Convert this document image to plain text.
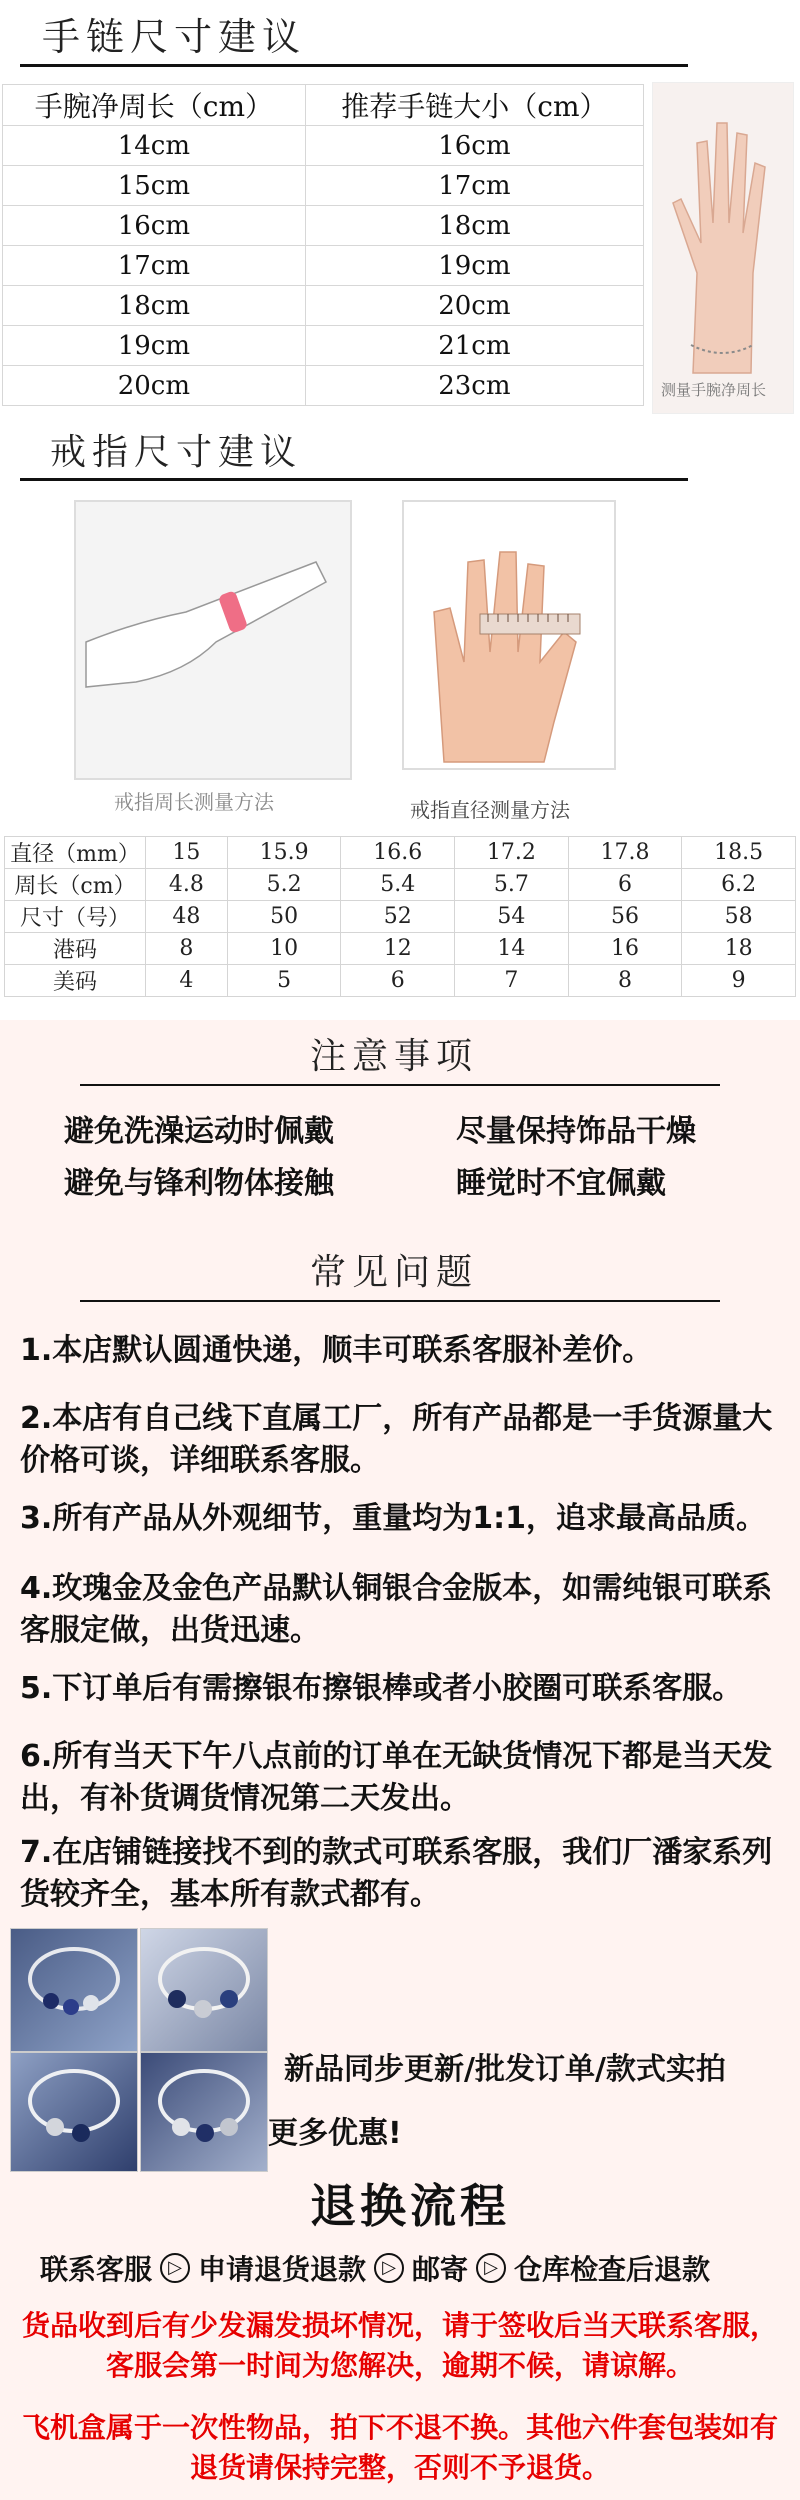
手链尺寸建议
手腕净周长（cm）	推荐手链大小（cm）
14cm	16cm
15cm	17cm
16cm	18cm
17cm	19cm
18cm	20cm
19cm	21cm
20cm	23cm	测量手腕净周长
戒指尺寸建议
戒指周长测量方法	戒指直径测量方法
直径（mm）	15	15.9	16.6	17.2	17.8	18.5
周长（cm）	4.8	5.2	5.4	5.7	6	6.2
尺寸（号）	48	50	52	54	56	58
港码	8	10	12	14	16	18
美码	4	5	6	7	8	9
注意事项
避免洗澡运动时佩戴	尽量保持饰品干燥
避免与锋利物体接触	睡觉时不宜佩戴
常见问题
1.本店默认圆通快递，顺丰可联系客服补差价。
2.本店有自己线下直属工厂，所有产品都是一手货源量大价格可谈，详细联系客服。
3.所有产品从外观细节，重量均为1:1，追求最高品质。
4.玫瑰金及金色产品默认铜银合金版本，如需纯银可联系客服定做，出货迅速。
5.下订单后有需擦银布擦银棒或者小胶圈可联系客服。
6.所有当天下午八点前的订单在无缺货情况下都是当天发出，有补货调货情况第二天发出。
7.在店铺链接找不到的款式可联系客服，我们厂潘家系列货较齐全，基本所有款式都有。
新品同步更新/批发订单/款式实拍
更多优惠!
退换流程
联系客服 ▷ 申请退货退款 ▷ 邮寄 ▷ 仓库检查后退款
货品收到后有少发漏发损坏情况，请于签收后当天联系客服，客服会第一时间为您解决，逾期不候，请谅解。
飞机盒属于一次性物品，拍下不退不换。其他六件套包装如有退货请保持完整，否则不予退货。
